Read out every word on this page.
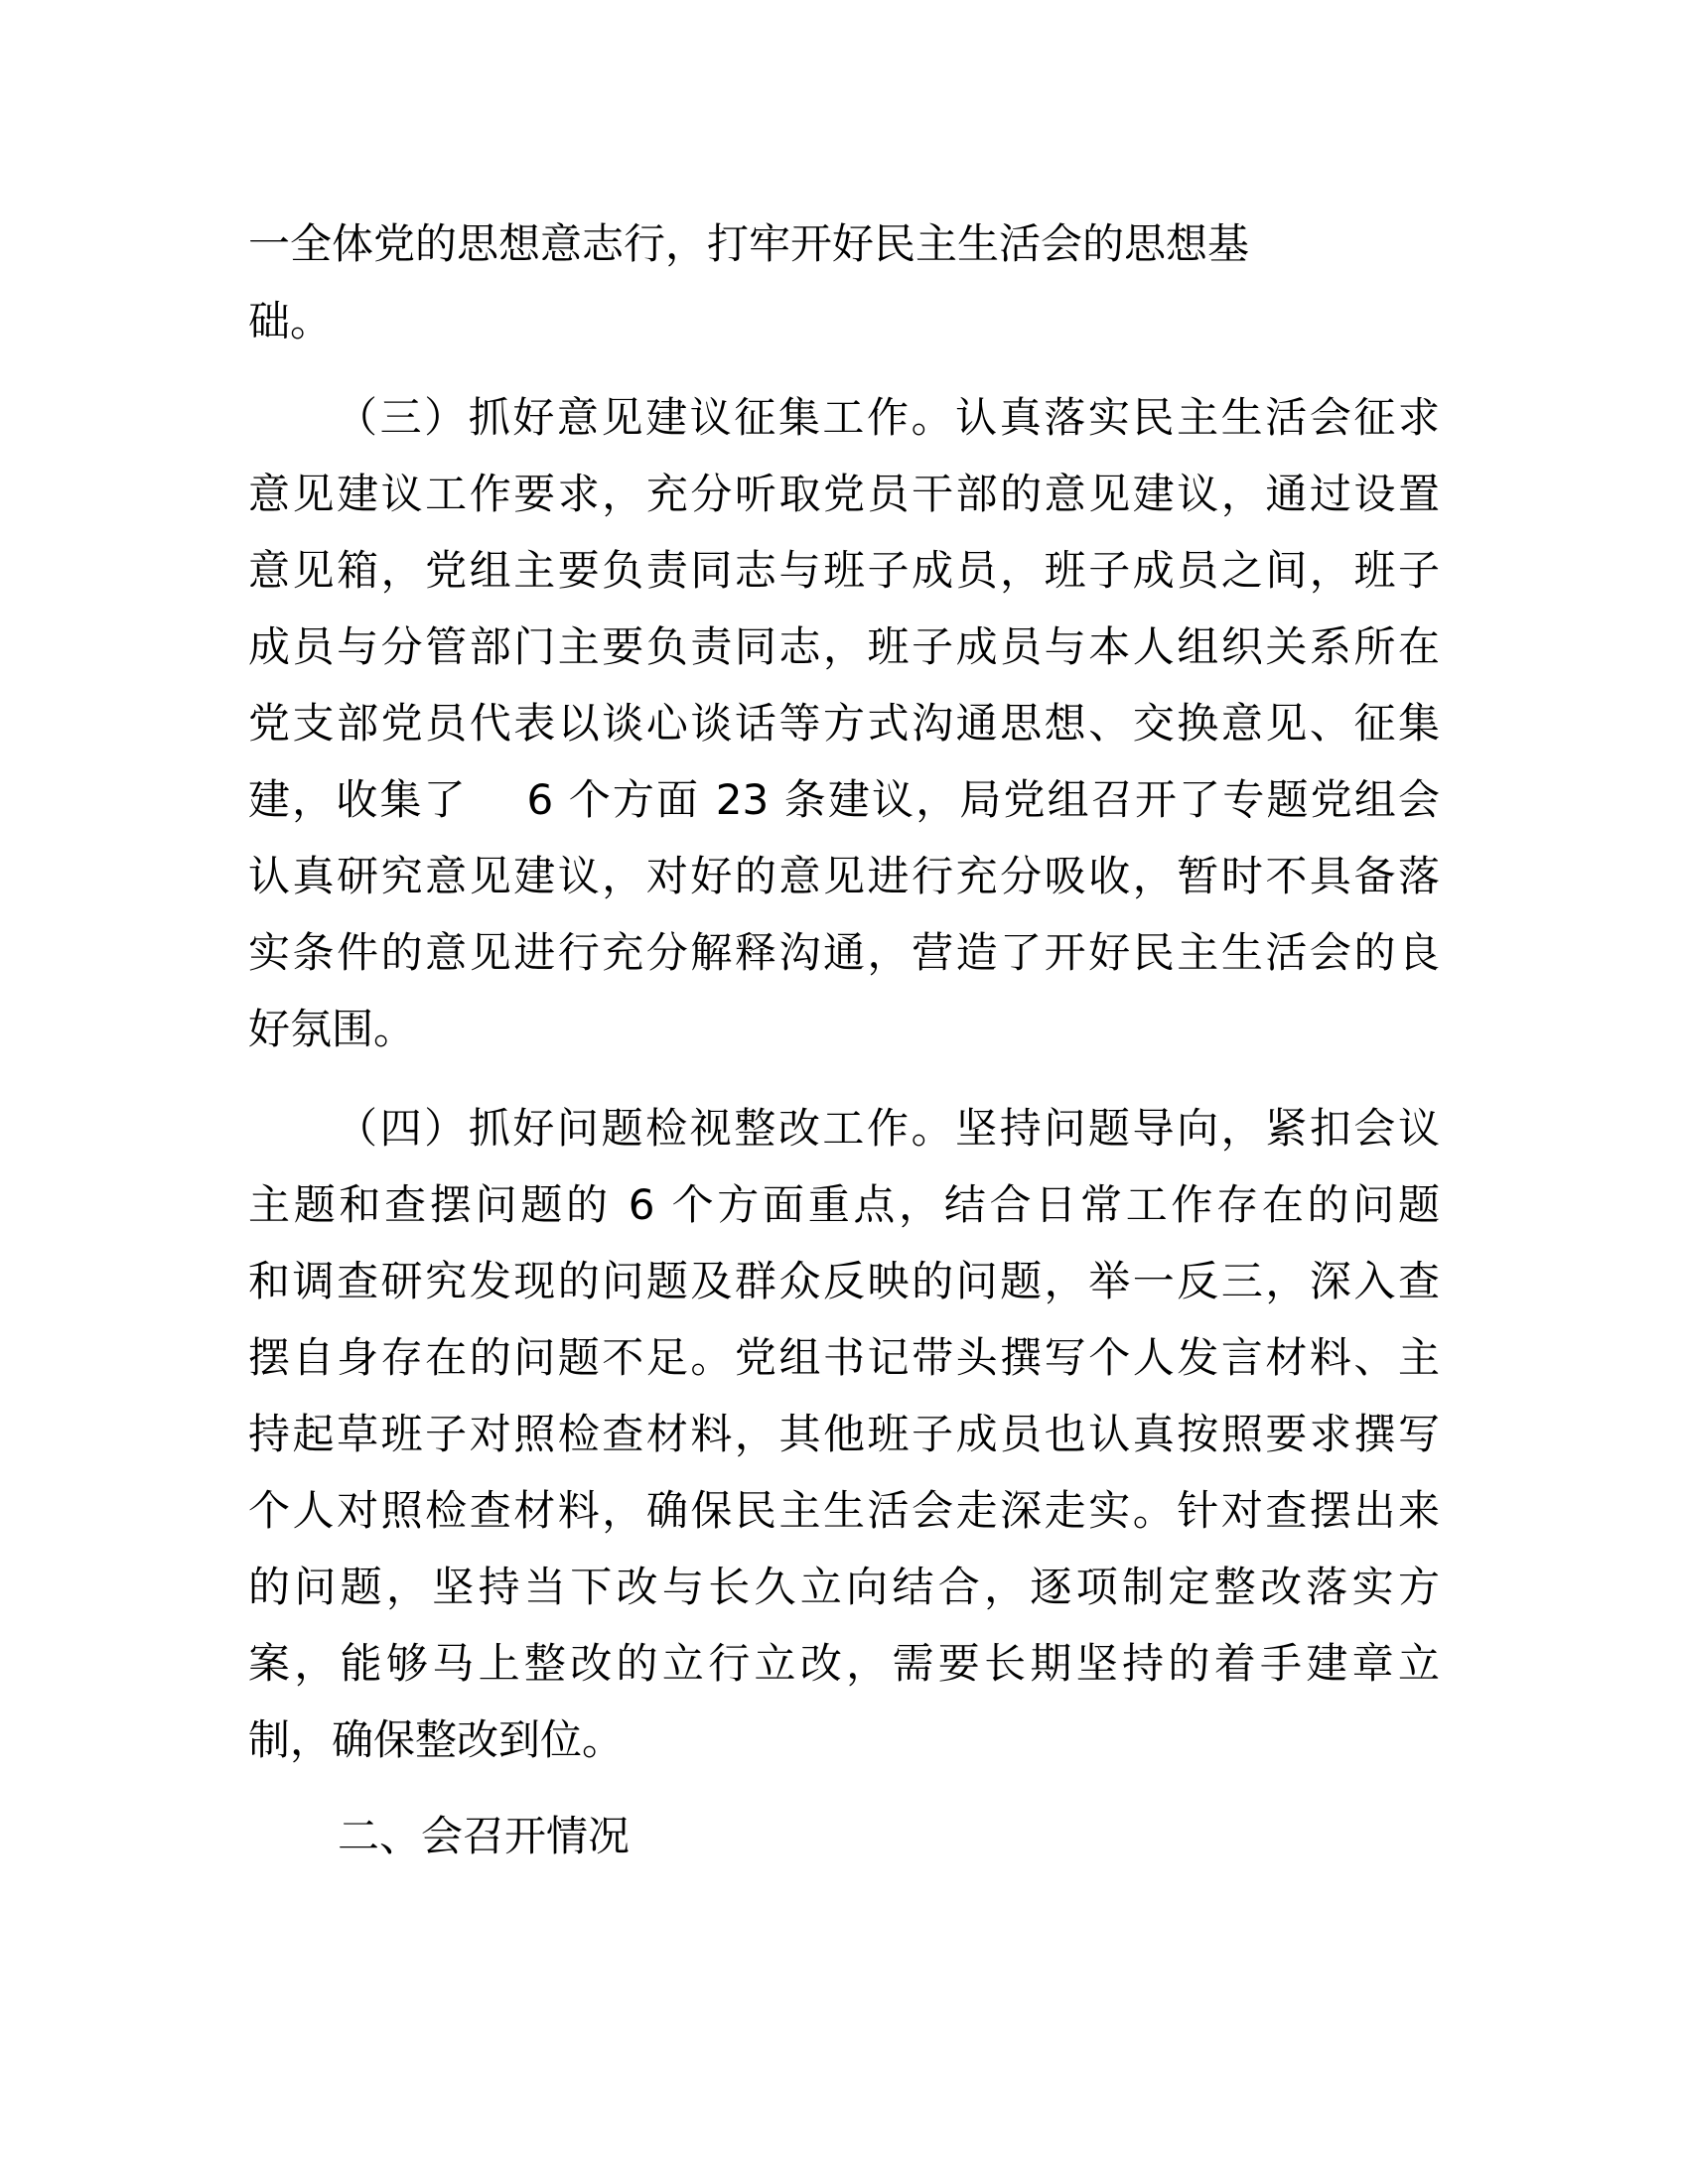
一全体党的思想意志行，打牢开好民主生活会的思想基
础。
（三）抓好意见建议征集工作。认真落实民主生活会征求
意见建议工作要求，充分听取党员干部的意见建议，通过设置
意见箱，党组主要负责同志与班子成员，班子成员之间，班子
成员与分管部门主要负责同志，班子成员与本人组织关系所在
党支部党员代表以谈心谈话等方式沟通思想、交换意见、征集
建，收集了　 6 个方面 23 条建议，局党组召开了专题党组会
认真研究意见建议，对好的意见进行充分吸收，暂时不具备落
实条件的意见进行充分解释沟通，营造了开好民主生活会的良
好氛围。
（四）抓好问题检视整改工作。坚持问题导向，紧扣会议
主题和查摆问题的 6 个方面重点，结合日常工作存在的问题
和调查研究发现的问题及群众反映的问题，举一反三，深入查
摆自身存在的问题不足。党组书记带头撰写个人发言材料、主
持起草班子对照检查材料，其他班子成员也认真按照要求撰写
个人对照检查材料，确保民主生活会走深走实。针对查摆出来
的问题，坚持当下改与长久立向结合，逐项制定整改落实方
案，能够马上整改的立行立改，需要长期坚持的着手建章立
制，确保整改到位。
二、会召开情况
